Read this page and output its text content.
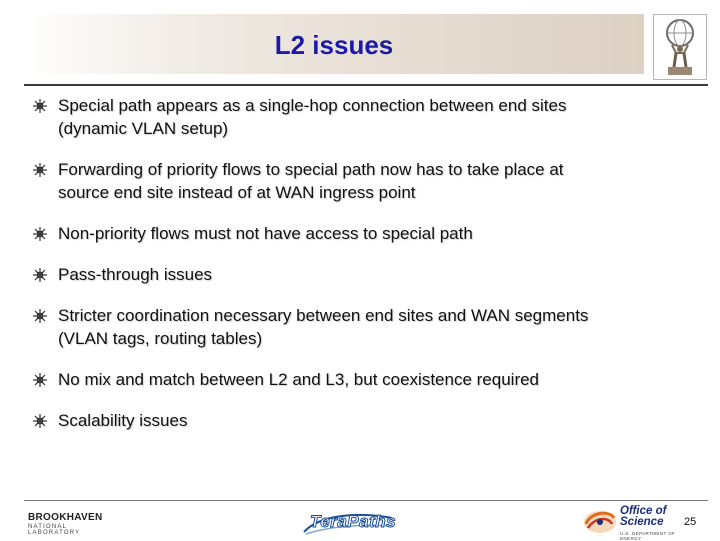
L2 issues
Special path appears as a single-hop connection between end sites
(dynamic VLAN setup)
Forwarding of priority flows to special path now has to take place at
source end site instead of at WAN ingress point
Non-priority flows must not have access to special path
Pass-through issues
Stricter coordination necessary between end sites and WAN segments
(VLAN tags, routing tables)
No mix and match between L2 and L3, but coexistence required
Scalability issues
BROOKHAVEN
NATIONAL LABORATORY
TeraPaths
Office of
Science
U.S. DEPARTMENT OF ENERGY
25
